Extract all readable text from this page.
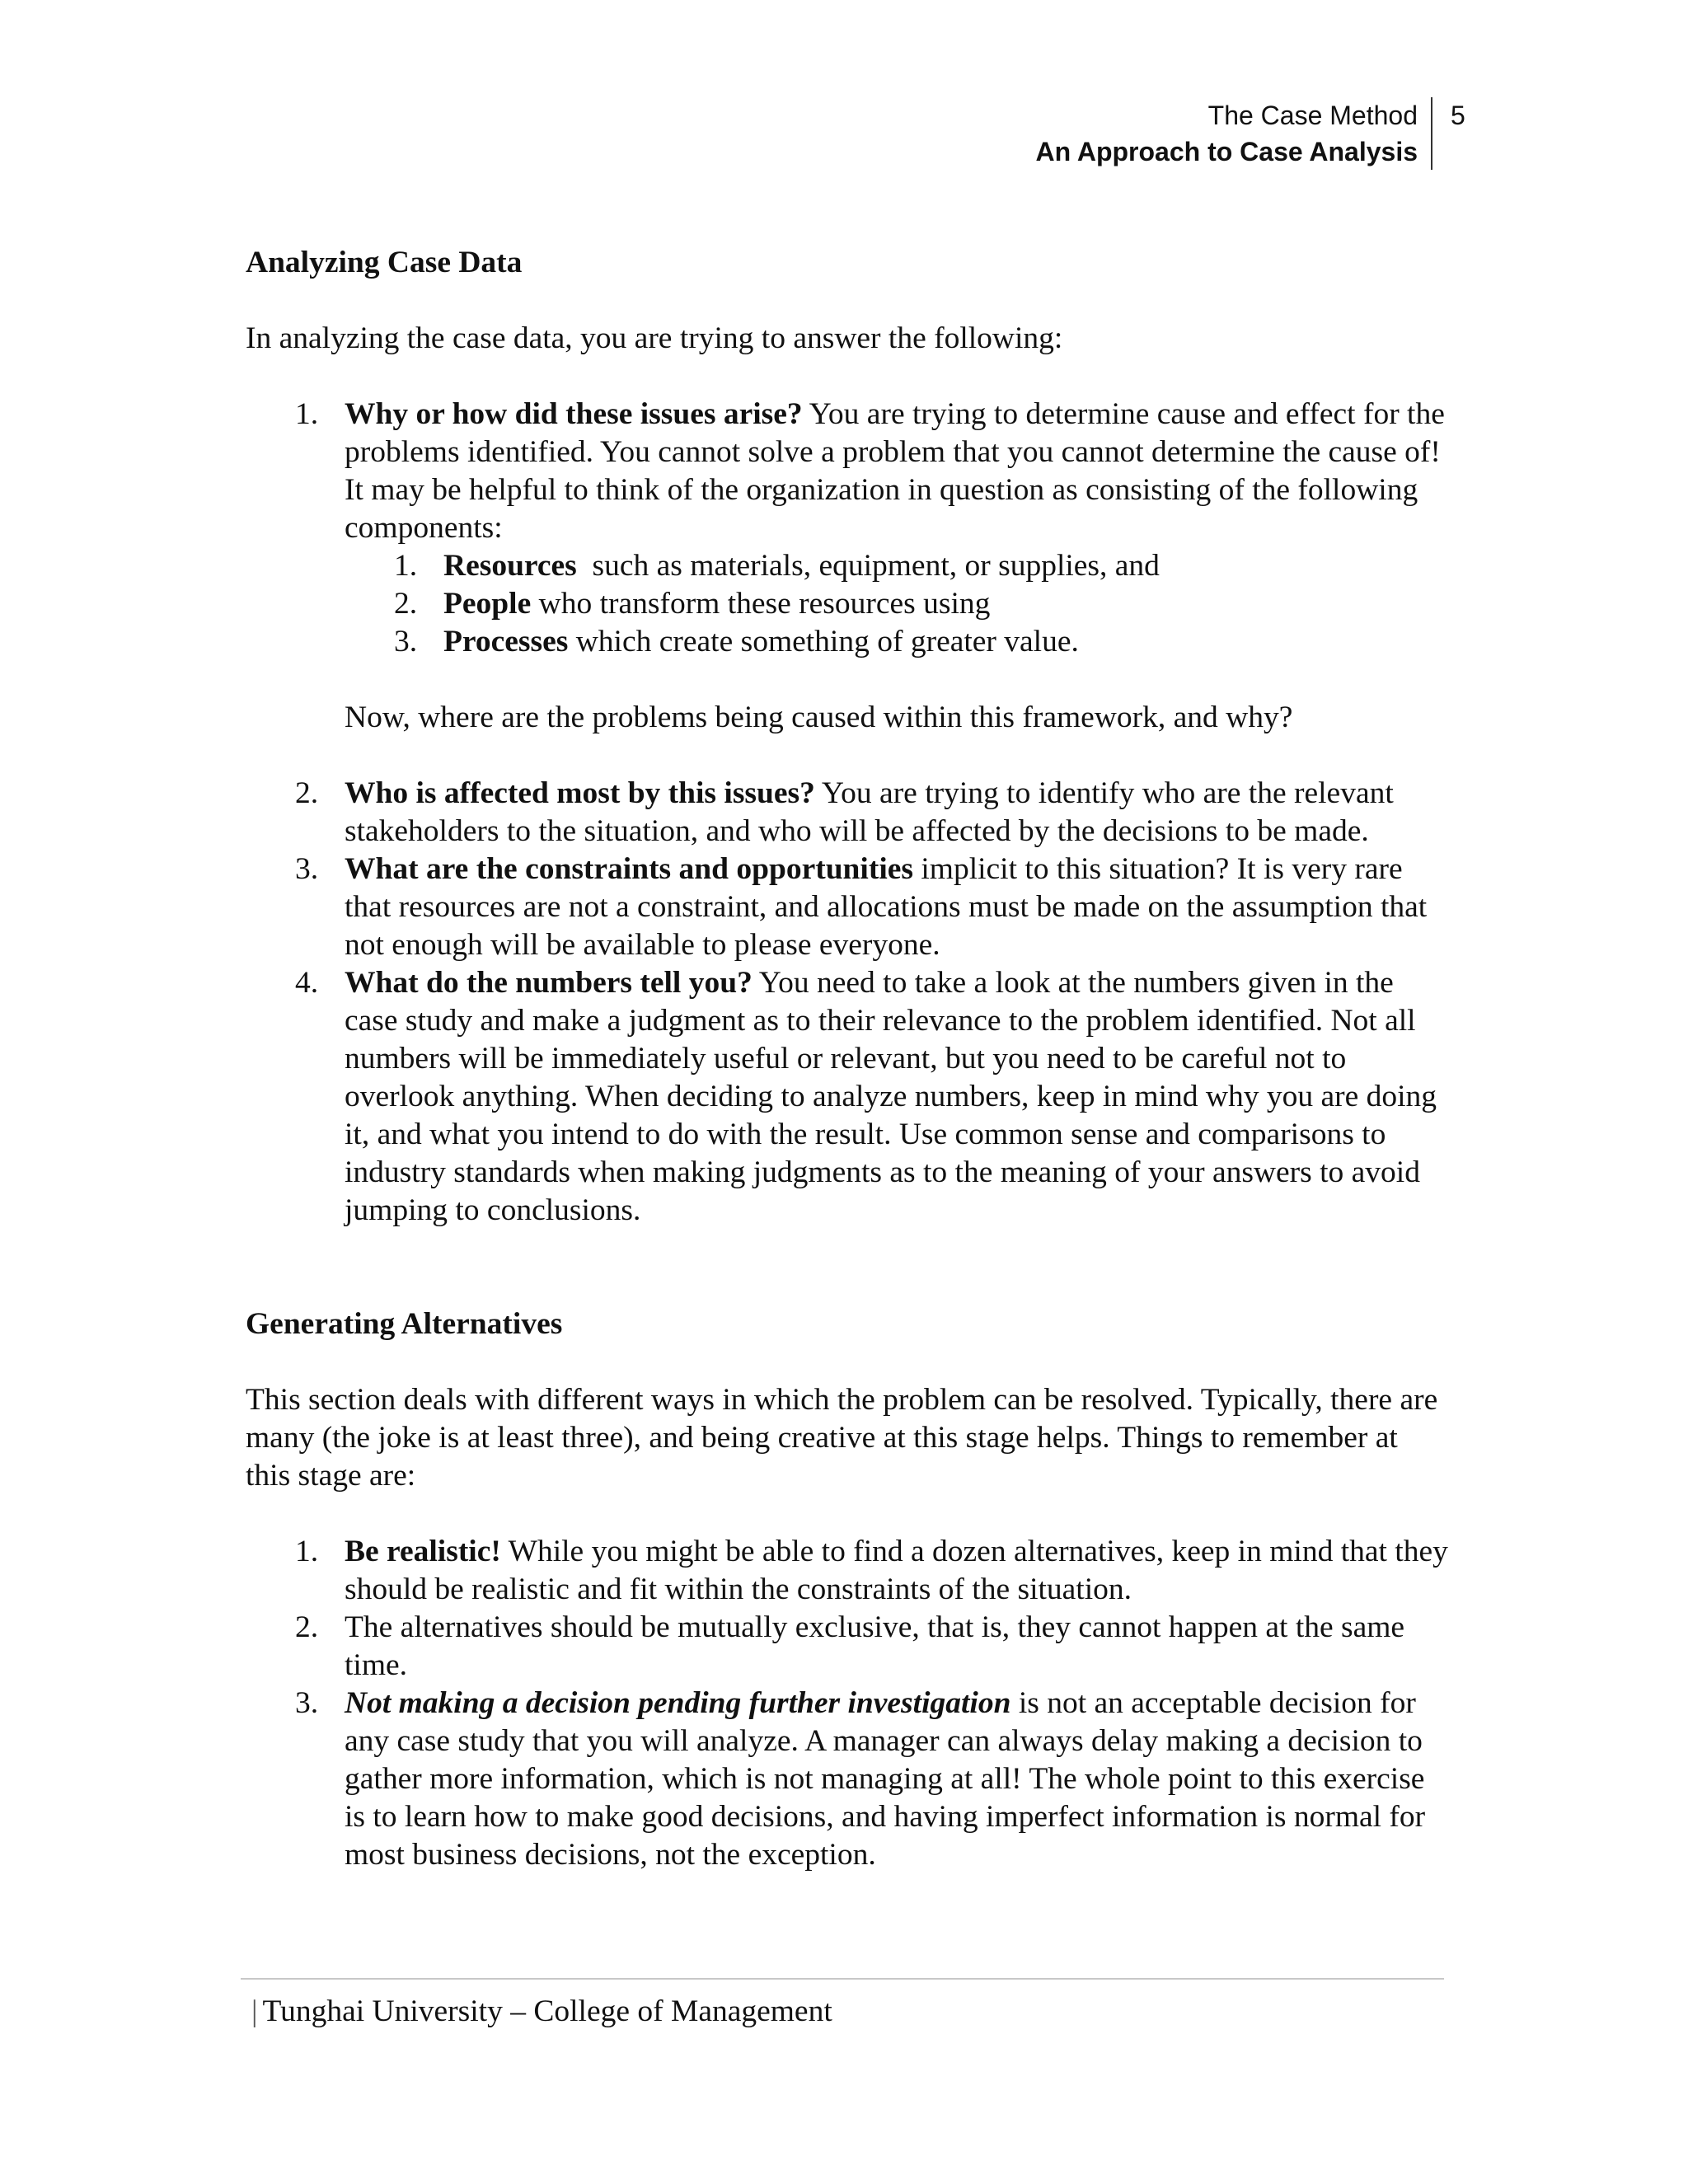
The Case Method
An Approach to Case Analysis
5
Analyzing Case Data

In analyzing the case data, you are trying to answer the following:

1. Why or how did these issues arise? You are trying to determine cause and effect for the problems identified. You cannot solve a problem that you cannot determine the cause of! It may be helpful to think of the organization in question as consisting of the following components:
1. Resources  such as materials, equipment, or supplies, and
2. People who transform these resources using
3. Processes which create something of greater value.

Now, where are the problems being caused within this framework, and why?

2. Who is affected most by this issues? You are trying to identify who are the relevant stakeholders to the situation, and who will be affected by the decisions to be made.
3. What are the constraints and opportunities implicit to this situation? It is very rare that resources are not a constraint, and allocations must be made on the assumption that not enough will be available to please everyone.
4. What do the numbers tell you? You need to take a look at the numbers given in the case study and make a judgment as to their relevance to the problem identified. Not all numbers will be immediately useful or relevant, but you need to be careful not to overlook anything. When deciding to analyze numbers, keep in mind why you are doing it, and what you intend to do with the result. Use common sense and comparisons to industry standards when making judgments as to the meaning of your answers to avoid jumping to conclusions.
Generating Alternatives

This section deals with different ways in which the problem can be resolved. Typically, there are many (the joke is at least three), and being creative at this stage helps. Things to remember at this stage are:

1. Be realistic! While you might be able to find a dozen alternatives, keep in mind that they should be realistic and fit within the constraints of the situation.
2. The alternatives should be mutually exclusive, that is, they cannot happen at the same time.
3. Not making a decision pending further investigation is not an acceptable decision for any case study that you will analyze. A manager can always delay making a decision to gather more information, which is not managing at all! The whole point to this exercise is to learn how to make good decisions, and having imperfect information is normal for most business decisions, not the exception.
| Tunghai University – College of Management
